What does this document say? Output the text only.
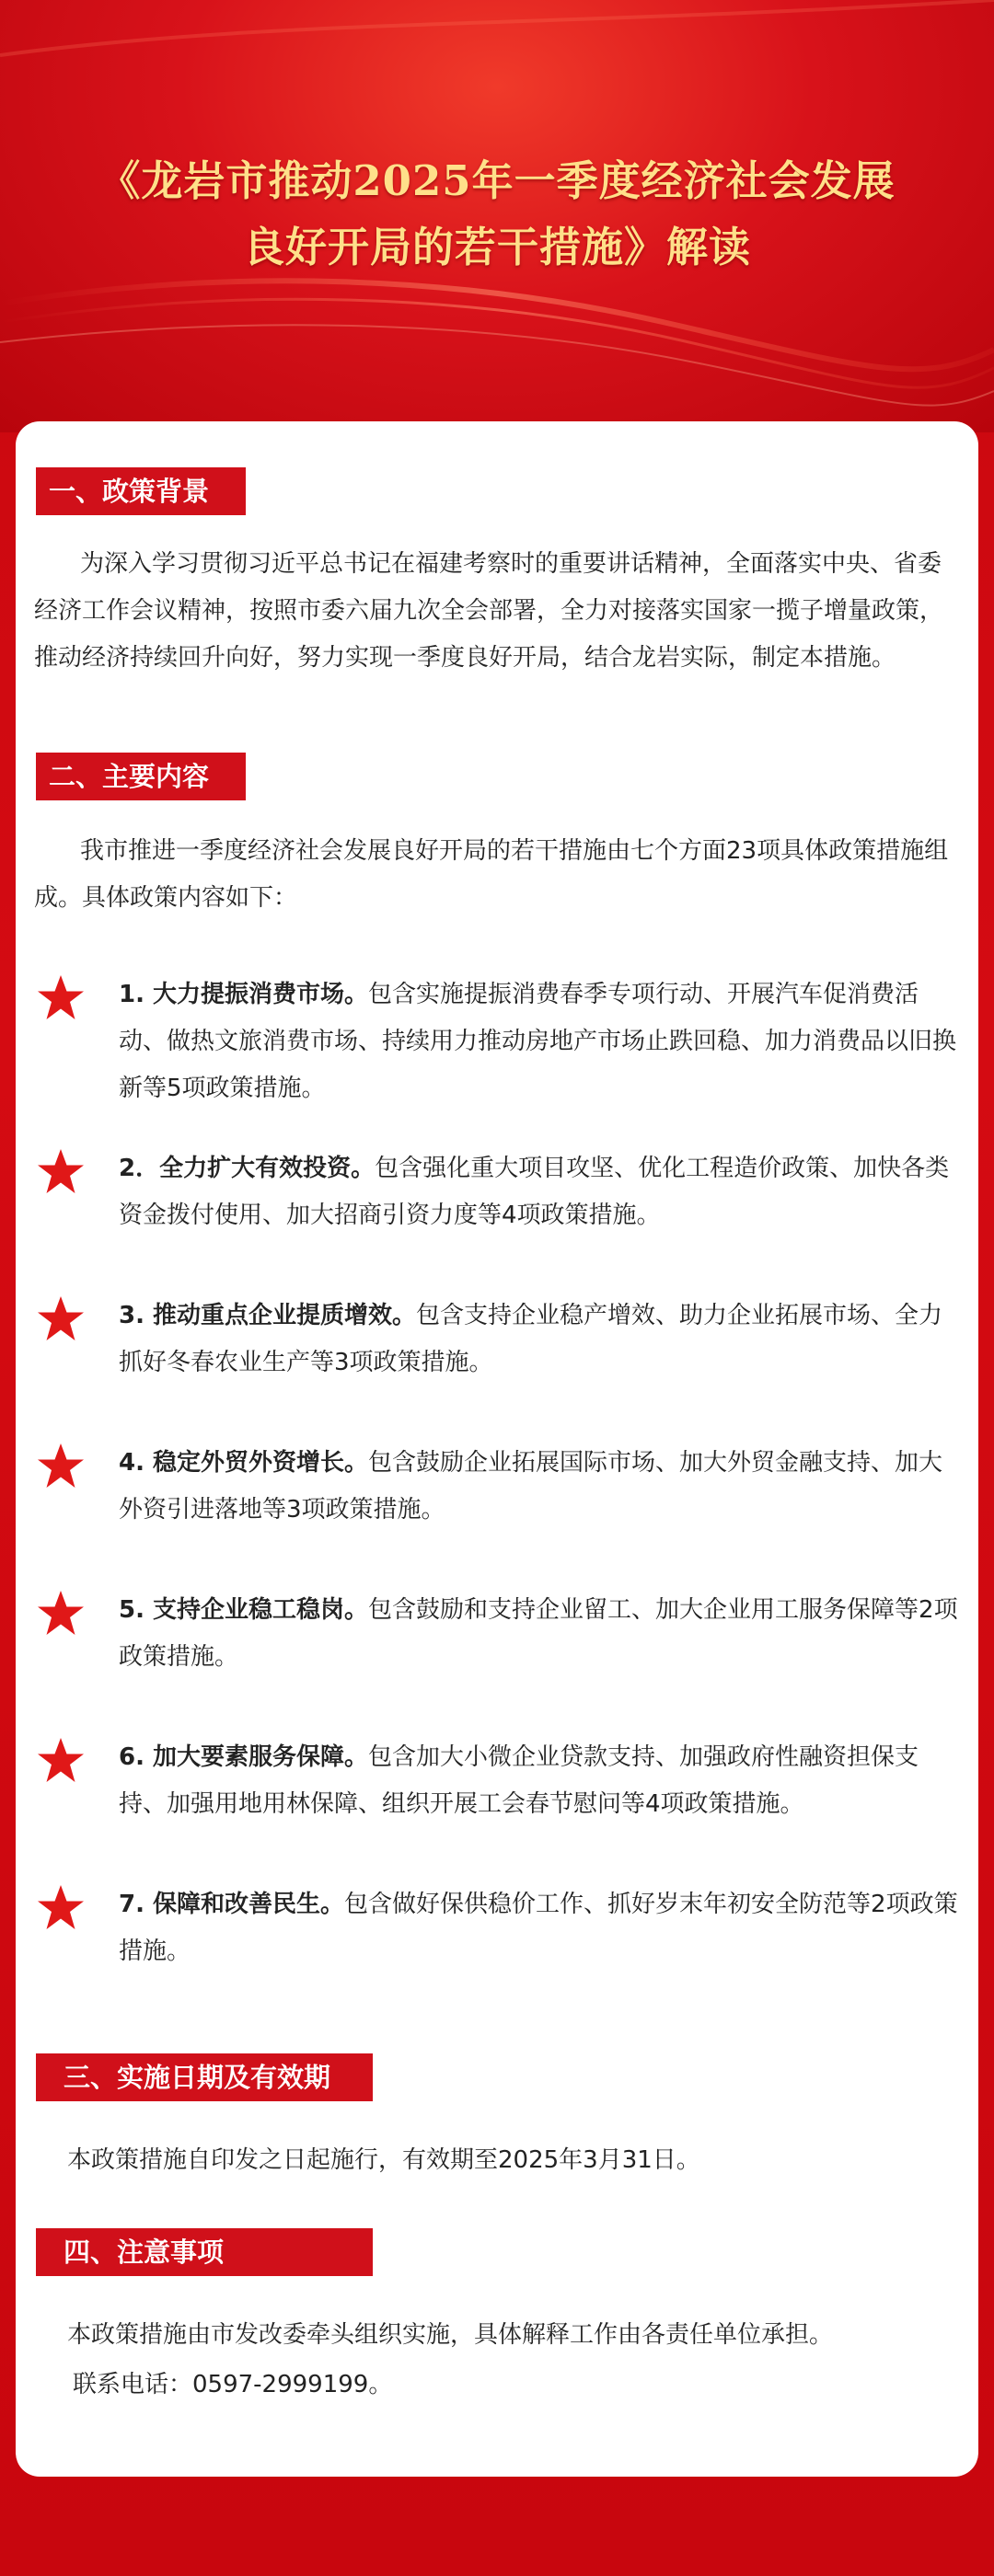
《龙岩市推动2025年一季度经济社会发展
良好开局的若干措施》解读
一、政策背景
为深入学习贯彻习近平总书记在福建考察时的重要讲话精神，全面落实中央、省委经济工作会议精神，按照市委六届九次全会部署，全力对接落实国家一揽子增量政策，推动经济持续回升向好，努力实现一季度良好开局，结合龙岩实际，制定本措施。
二、主要内容
我市推进一季度经济社会发展良好开局的若干措施由七个方面23项具体政策措施组成。具体政策内容如下：
1. 大力提振消费市场。包含实施提振消费春季专项行动、开展汽车促消费活动、做热文旅消费市场、持续用力推动房地产市场止跌回稳、加力消费品以旧换新等5项政策措施。
2．全力扩大有效投资。包含强化重大项目攻坚、优化工程造价政策、加快各类资金拨付使用、加大招商引资力度等4项政策措施。
3. 推动重点企业提质增效。包含支持企业稳产增效、助力企业拓展市场、全力抓好冬春农业生产等3项政策措施。
4. 稳定外贸外资增长。包含鼓励企业拓展国际市场、加大外贸金融支持、加大外资引进落地等3项政策措施。
5. 支持企业稳工稳岗。包含鼓励和支持企业留工、加大企业用工服务保障等2项政策措施。
6. 加大要素服务保障。包含加大小微企业贷款支持、加强政府性融资担保支持、加强用地用林保障、组织开展工会春节慰问等4项政策措施。
7. 保障和改善民生。包含做好保供稳价工作、抓好岁末年初安全防范等2项政策措施。
三、实施日期及有效期
本政策措施自印发之日起施行，有效期至2025年3月31日。
四、注意事项
本政策措施由市发改委牵头组织实施，具体解释工作由各责任单位承担。
联系电话：0597-2999199。
